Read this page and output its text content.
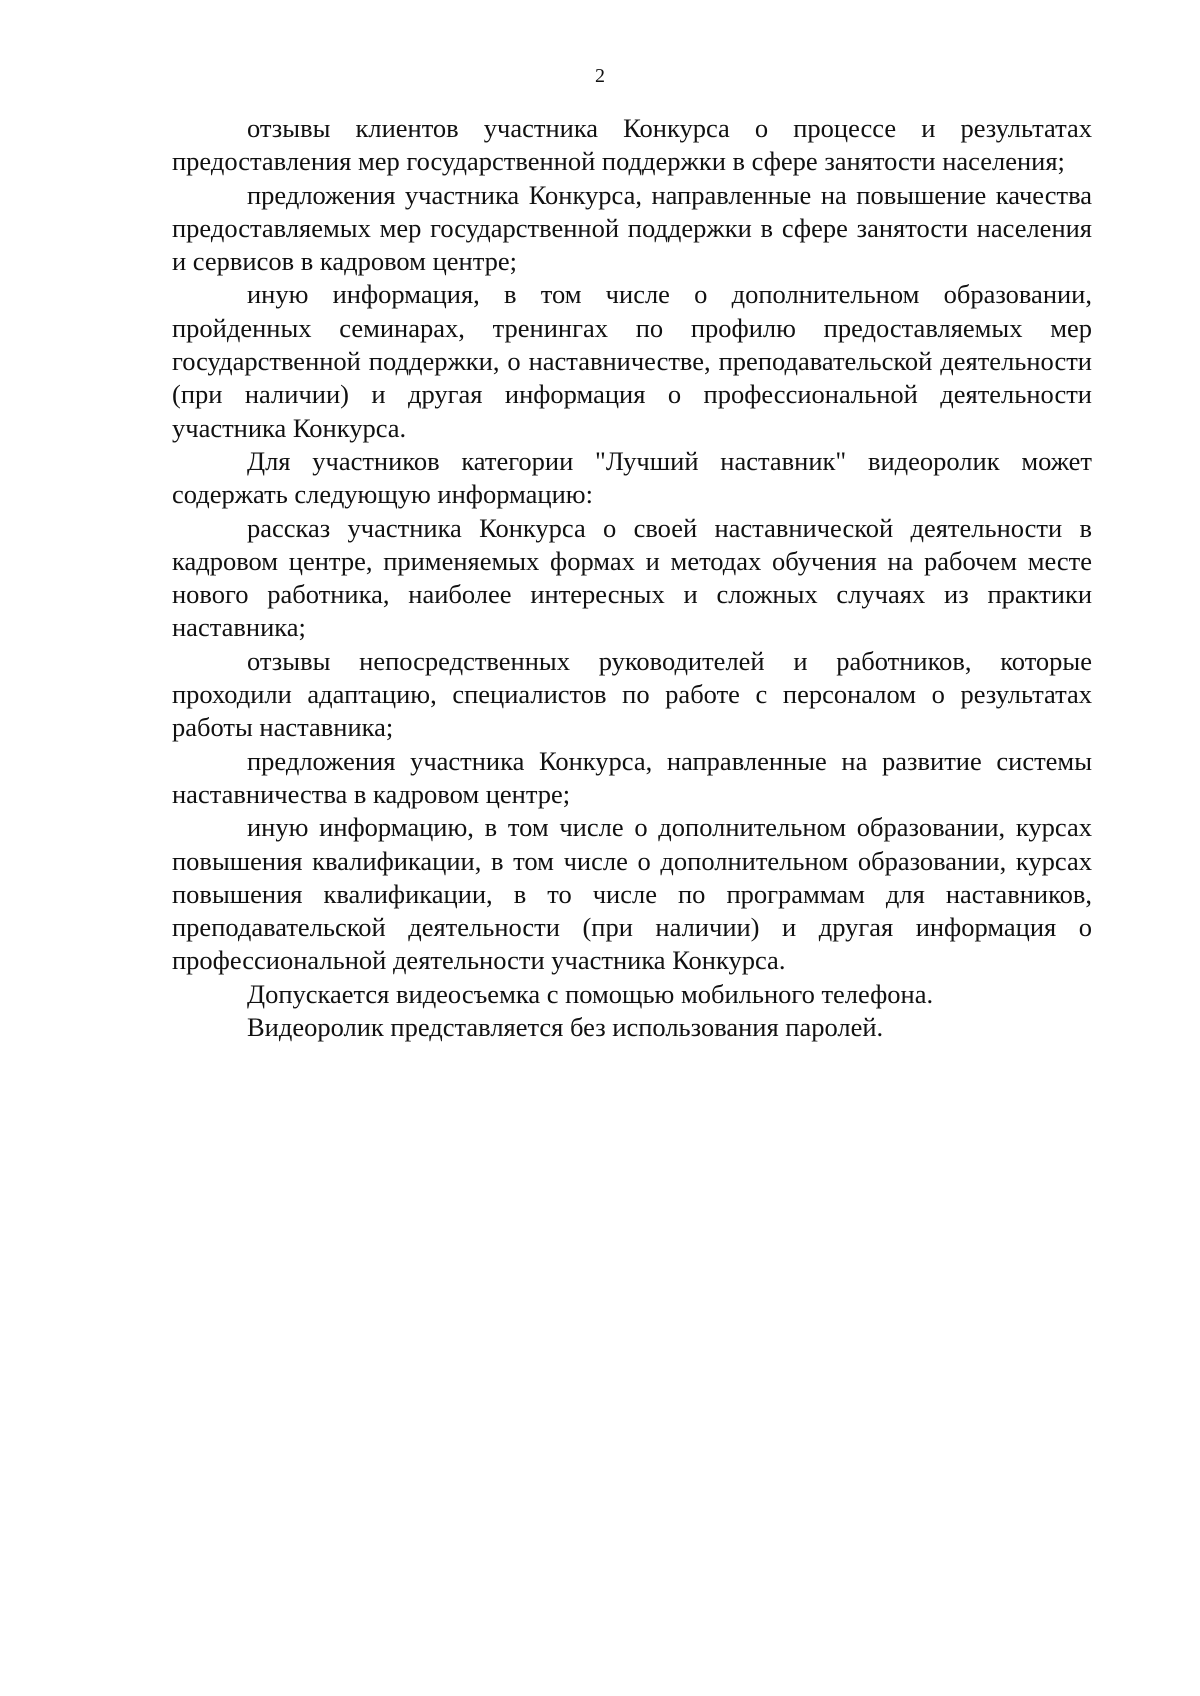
2

отзывы клиентов участника Конкурса о процессе и результатах предоставления мер государственной поддержки в сфере занятости населения;

предложения участника Конкурса, направленные на повышение качества предоставляемых мер государственной поддержки в сфере занятости населения и сервисов в кадровом центре;

иную информация, в том числе о дополнительном образовании, пройденных семинарах, тренингах по профилю предоставляемых мер государственной поддержки, о наставничестве, преподавательской деятельности (при наличии) и другая информация о профессиональной деятельности участника Конкурса.

Для участников категории "Лучший наставник" видеоролик может содержать следующую информацию:

рассказ участника Конкурса о своей наставнической деятельности в кадровом центре, применяемых формах и методах обучения на рабочем месте нового работника, наиболее интересных и сложных случаях из практики наставника;

отзывы непосредственных руководителей и работников, которые проходили адаптацию, специалистов по работе с персоналом о результатах работы наставника;

предложения участника Конкурса, направленные на развитие системы наставничества в кадровом центре;

иную информацию, в том числе о дополнительном образовании, курсах повышения квалификации, в том числе о дополнительном образовании, курсах повышения квалификации, в то числе по программам для наставников, преподавательской деятельности (при наличии) и другая информация о профессиональной деятельности участника Конкурса.

Допускается видеосъемка с помощью мобильного телефона.

Видеоролик представляется без использования паролей.
